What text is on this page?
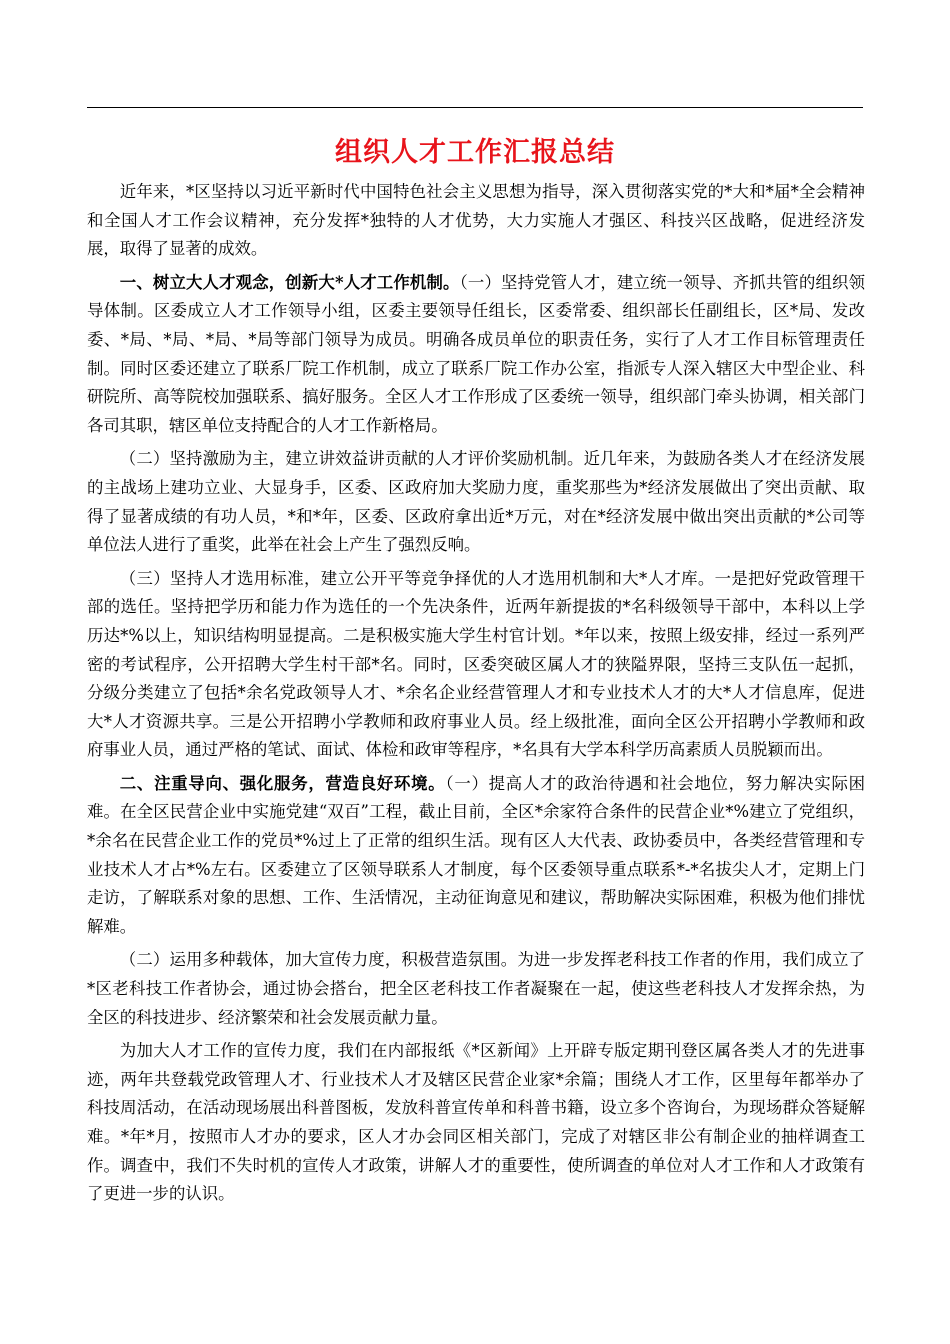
组织人才工作汇报总结

近年来，*区坚持以习近平新时代中国特色社会主义思想为指导，深入贯彻落实党的*大和*届*全会精神和全国人才工作会议精神，充分发挥*独特的人才优势，大力实施人才强区、科技兴区战略，促进经济发展，取得了显著的成效。

一、树立大人才观念，创新大*人才工作机制。（一）坚持党管人才，建立统一领导、齐抓共管的组织领导体制。区委成立人才工作领导小组，区委主要领导任组长，区委常委、组织部长任副组长，区*局、发改委、*局、*局、*局、*局等部门领导为成员。明确各成员单位的职责任务，实行了人才工作目标管理责任制。同时区委还建立了联系厂院工作机制，成立了联系厂院工作办公室，指派专人深入辖区大中型企业、科研院所、高等院校加强联系、搞好服务。全区人才工作形成了区委统一领导，组织部门牵头协调，相关部门各司其职，辖区单位支持配合的人才工作新格局。

（二）坚持激励为主，建立讲效益讲贡献的人才评价奖励机制。近几年来，为鼓励各类人才在经济发展的主战场上建功立业、大显身手，区委、区政府加大奖励力度，重奖那些为*经济发展做出了突出贡献、取得了显著成绩的有功人员，*和*年，区委、区政府拿出近*万元，对在*经济发展中做出突出贡献的*公司等单位法人进行了重奖，此举在社会上产生了强烈反响。

（三）坚持人才选用标准，建立公开平等竞争择优的人才选用机制和大*人才库。一是把好党政管理干部的选任。坚持把学历和能力作为选任的一个先决条件，近两年新提拔的*名科级领导干部中，本科以上学历达*%以上，知识结构明显提高。二是积极实施大学生村官计划。*年以来，按照上级安排，经过一系列严密的考试程序，公开招聘大学生村干部*名。同时，区委突破区属人才的狭隘界限，坚持三支队伍一起抓，分级分类建立了包括*余名党政领导人才、*余名企业经营管理人才和专业技术人才的大*人才信息库，促进大*人才资源共享。三是公开招聘小学教师和政府事业人员。经上级批准，面向全区公开招聘小学教师和政府事业人员，通过严格的笔试、面试、体检和政审等程序，*名具有大学本科学历高素质人员脱颖而出。

二、注重导向、强化服务，营造良好环境。（一）提高人才的政治待遇和社会地位，努力解决实际困难。在全区民营企业中实施党建“双百”工程，截止目前，全区*余家符合条件的民营企业*%建立了党组织，*余名在民营企业工作的党员*%过上了正常的组织生活。现有区人大代表、政协委员中，各类经营管理和专业技术人才占*%左右。区委建立了区领导联系人才制度，每个区委领导重点联系*-*名拔尖人才，定期上门走访，了解联系对象的思想、工作、生活情况，主动征询意见和建议，帮助解决实际困难，积极为他们排忧解难。

（二）运用多种载体，加大宣传力度，积极营造氛围。为进一步发挥老科技工作者的作用，我们成立了*区老科技工作者协会，通过协会搭台，把全区老科技工作者凝聚在一起，使这些老科技人才发挥余热，为全区的科技进步、经济繁荣和社会发展贡献力量。

为加大人才工作的宣传力度，我们在内部报纸《*区新闻》上开辟专版定期刊登区属各类人才的先进事迹，两年共登载党政管理人才、行业技术人才及辖区民营企业家*余篇；围绕人才工作，区里每年都举办了科技周活动，在活动现场展出科普图板，发放科普宣传单和科普书籍，设立多个咨询台，为现场群众答疑解难。*年*月，按照市人才办的要求，区人才办会同区相关部门，完成了对辖区非公有制企业的抽样调查工作。调查中，我们不失时机的宣传人才政策，讲解人才的重要性，使所调查的单位对人才工作和人才政策有了更进一步的认识。
